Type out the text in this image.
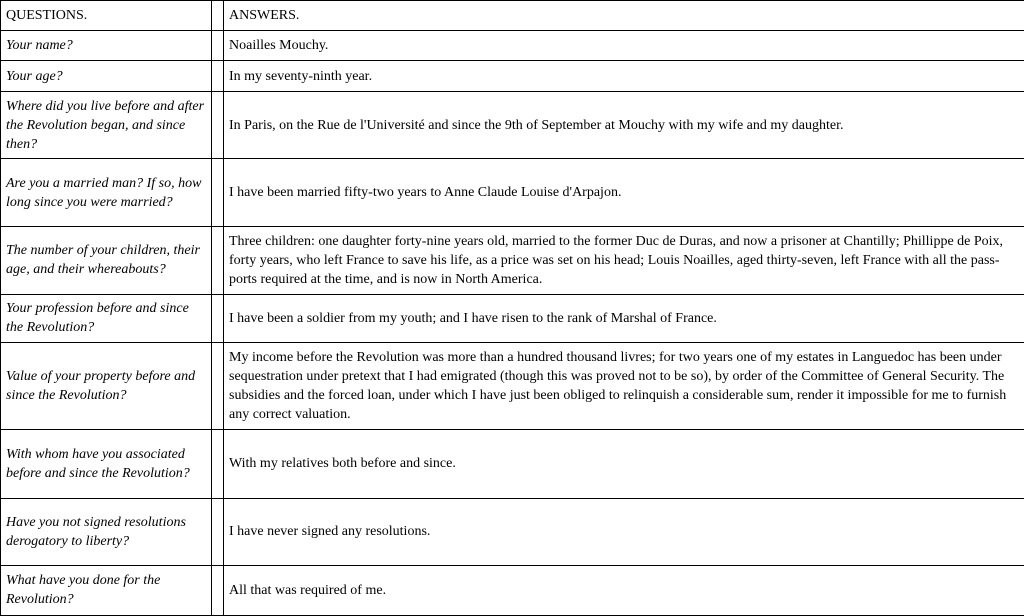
QUESTIONS.		ANSWERS.
Your name?		Noailles Mouchy.
Your age?		In my seventy-ninth year.
Where did you live before and after the Revolution began, and since then?		In Paris, on the Rue de l'Université and since the 9th of September at Mouchy with my wife and my daughter.
Are you a married man? If so, how long since you were married?		I have been married fifty-two years to Anne Claude Louise d'Arpajon.
The number of your children, their age, and their whereabouts?		Three children: one daughter forty-nine years old, married to the former Duc de Duras, and now a prisoner at Chantilly; Phillippe de Poix, forty years, who left France to save his life, as a price was set on his head; Louis Noailles, aged thirty-seven, left France with all the pass-ports required at the time, and is now in North America.
Your profession before and since the Revolution?		I have been a soldier from my youth; and I have risen to the rank of Marshal of France.
Value of your property before and since the Revolution?		My income before the Revolution was more than a hundred thousand livres; for two years one of my estates in Languedoc has been under sequestration under pretext that I had emigrated (though this was proved not to be so), by order of the Committee of General Security. The subsidies and the forced loan, under which I have just been obliged to relinquish a considerable sum, render it impossible for me to furnish any correct valuation.
With whom have you associated before and since the Revolution?		With my relatives both before and since.
Have you not signed resolutions derogatory to liberty?		I have never signed any resolutions.
What have you done for the Revolution?		All that was required of me.
